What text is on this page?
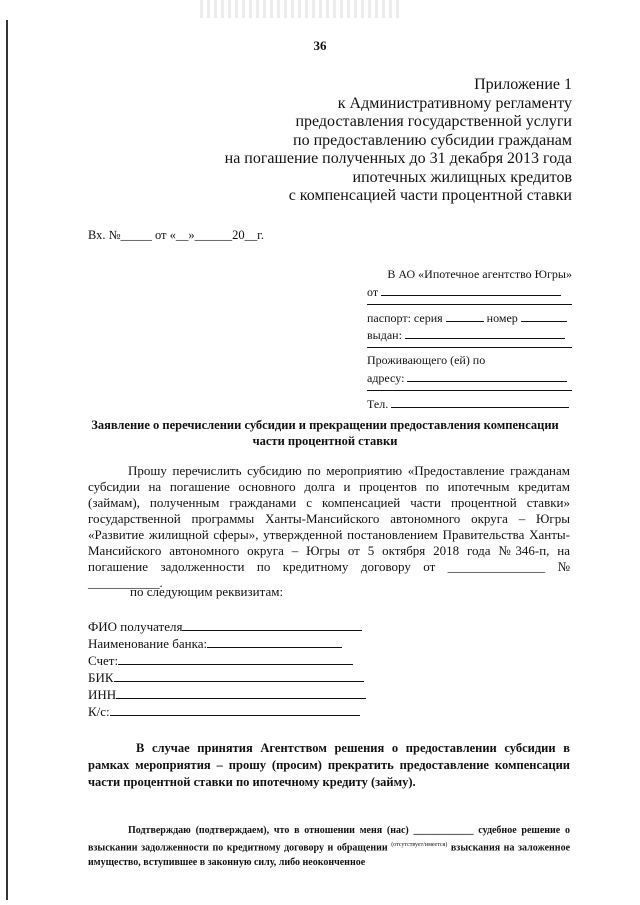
36
Приложение 1
к Административному регламенту
предоставления государственной услуги
по предоставлению субсидии гражданам
на погашение полученных до 31 декабря 2013 года
ипотечных жилищных кредитов
с компенсацией части процентной ставки
Вх. №_____ от «__»______20__г.
В АО «Ипотечное агентство Югры»
от
паспорт: серия	номер
выдан:
Проживающего (ей) по
адресу:
Тел.
Заявление о перечислении субсидии и прекращении предоставления компенсации
части процентной ставки
Прошу перечислить субсидию по мероприятию «Предоставление гражданам субсидии на погашение основного долга и процентов по ипотечным кредитам (займам), полученным гражданами с компенсацией части процентной ставки» государственной программы Ханты-Мансийского автономного округа – Югры «Развитие жилищной сферы», утвержденной постановлением Правительства Ханты-Мансийского автономного округа – Югры от 5 октября 2018 года №346-п, на погашение задолженности по кредитному договору от _______________ № ___________.
по следующим реквизитам:
ФИО получателя
Наименование банка:
Счет:
БИК
ИНН
К/с:
В случае принятия Агентством решения о предоставлении субсидии в рамках мероприятия – прошу (просим) прекратить предоставление компенсации части процентной ставки по ипотечному кредиту (займу).
Подтверждаю (подтверждаем), что в отношении меня (нас) ____________ судебное решение о взыскании задолженности по кредитному договору и обращении $^{(отсутствует/имеется)}$ взыскания на заложенное имущество, вступившее в законную силу, либо неоконченное
